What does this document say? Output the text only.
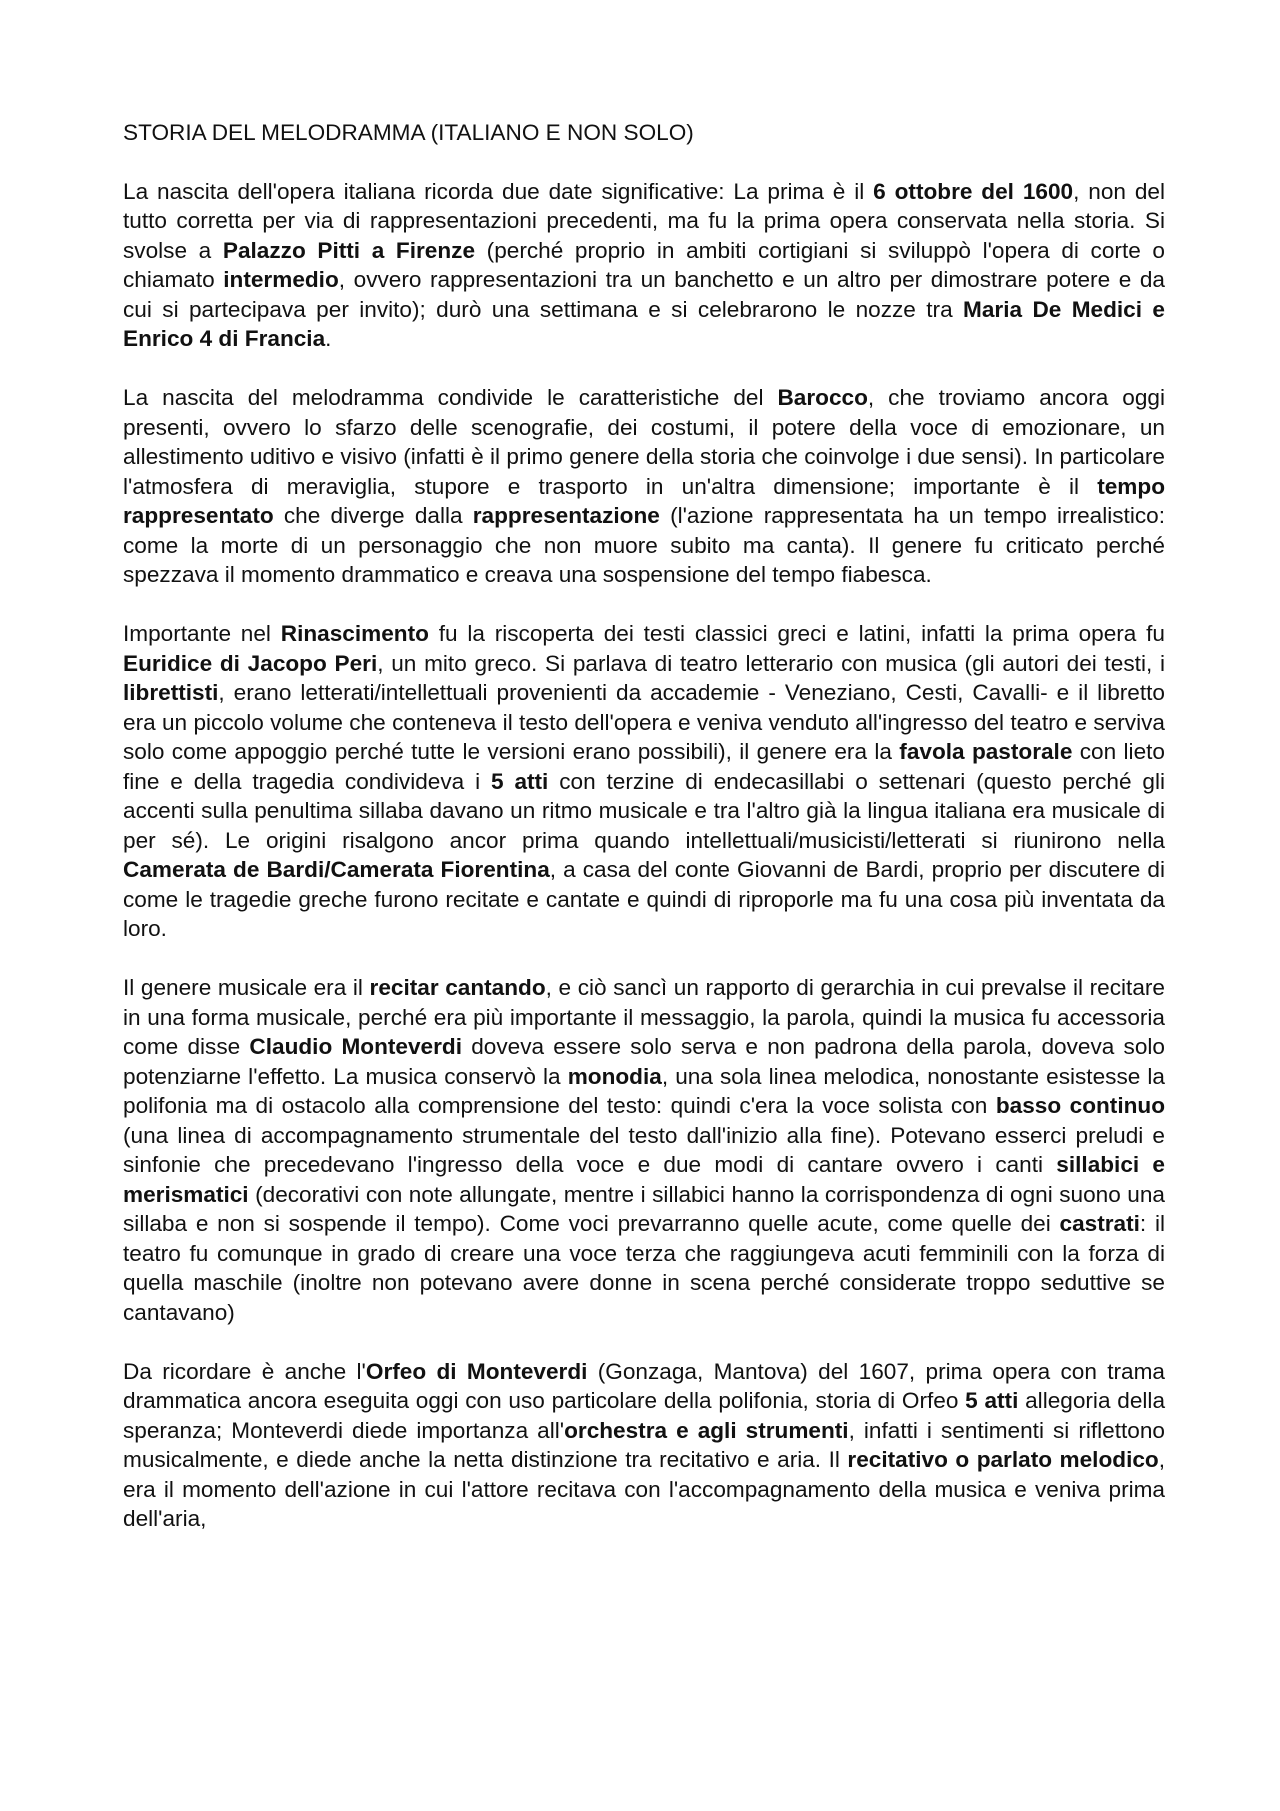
STORIA DEL MELODRAMMA (ITALIANO E NON SOLO)

La nascita dell'opera italiana ricorda due date significative: La prima è il 6 ottobre del 1600, non del tutto corretta per via di rappresentazioni precedenti, ma fu la prima opera conservata nella storia. Si svolse a Palazzo Pitti a Firenze (perché proprio in ambiti cortigiani si sviluppò l'opera di corte o chiamato intermedio, ovvero rappresentazioni tra un banchetto e un altro per dimostrare potere e da cui si partecipava per invito); durò una settimana e si celebrarono le nozze tra Maria De Medici e Enrico 4 di Francia.

La nascita del melodramma condivide le caratteristiche del Barocco, che troviamo ancora oggi presenti, ovvero lo sfarzo delle scenografie, dei costumi, il potere della voce di emozionare, un allestimento uditivo e visivo (infatti è il primo genere della storia che coinvolge i due sensi). In particolare l'atmosfera di meraviglia, stupore e trasporto in un'altra dimensione; importante è il tempo rappresentato che diverge dalla rappresentazione (l'azione rappresentata ha un tempo irrealistico: come la morte di un personaggio che non muore subito ma canta). Il genere fu criticato perché spezzava il momento drammatico e creava una sospensione del tempo fiabesca.

Importante nel Rinascimento fu la riscoperta dei testi classici greci e latini, infatti la prima opera fu Euridice di Jacopo Peri, un mito greco. Si parlava di teatro letterario con musica (gli autori dei testi, i librettisti, erano letterati/intellettuali provenienti da accademie - Veneziano, Cesti, Cavalli- e il libretto era un piccolo volume che conteneva il testo dell'opera e veniva venduto all'ingresso del teatro e serviva solo come appoggio perché tutte le versioni erano possibili), il genere era la favola pastorale con lieto fine e della tragedia condivideva i 5 atti con terzine di endecasillabi o settenari (questo perché gli accenti sulla penultima sillaba davano un ritmo musicale e tra l'altro già la lingua italiana era musicale di per sé). Le origini risalgono ancor prima quando intellettuali/musicisti/letterati si riunirono nella Camerata de Bardi/Camerata Fiorentina, a casa del conte Giovanni de Bardi, proprio per discutere di come le tragedie greche furono recitate e cantate e quindi di riproporle ma fu una cosa più inventata da loro.

Il genere musicale era il recitar cantando, e ciò sancì un rapporto di gerarchia in cui prevalse il recitare in una forma musicale, perché era più importante il messaggio, la parola, quindi la musica fu accessoria come disse Claudio Monteverdi doveva essere solo serva e non padrona della parola, doveva solo potenziarne l'effetto. La musica conservò la monodia, una sola linea melodica, nonostante esistesse la polifonia ma di ostacolo alla comprensione del testo: quindi c'era la voce solista con basso continuo (una linea di accompagnamento strumentale del testo dall'inizio alla fine). Potevano esserci preludi e sinfonie che precedevano l'ingresso della voce e due modi di cantare ovvero i canti sillabici e merismatici (decorativi con note allungate, mentre i sillabici hanno la corrispondenza di ogni suono una sillaba e non si sospende il tempo). Come voci prevarranno quelle acute, come quelle dei castrati: il teatro fu comunque in grado di creare una voce terza che raggiungeva acuti femminili con la forza di quella maschile (inoltre non potevano avere donne in scena perché considerate troppo seduttive se cantavano)

Da ricordare è anche l'Orfeo di Monteverdi (Gonzaga, Mantova) del 1607, prima opera con trama drammatica ancora eseguita oggi con uso particolare della polifonia, storia di Orfeo 5 atti allegoria della speranza; Monteverdi diede importanza all'orchestra e agli strumenti, infatti i sentimenti si riflettono musicalmente, e diede anche la netta distinzione tra recitativo e aria. Il recitativo o parlato melodico, era il momento dell'azione in cui l'attore recitava con l'accompagnamento della musica e veniva prima dell'aria,
